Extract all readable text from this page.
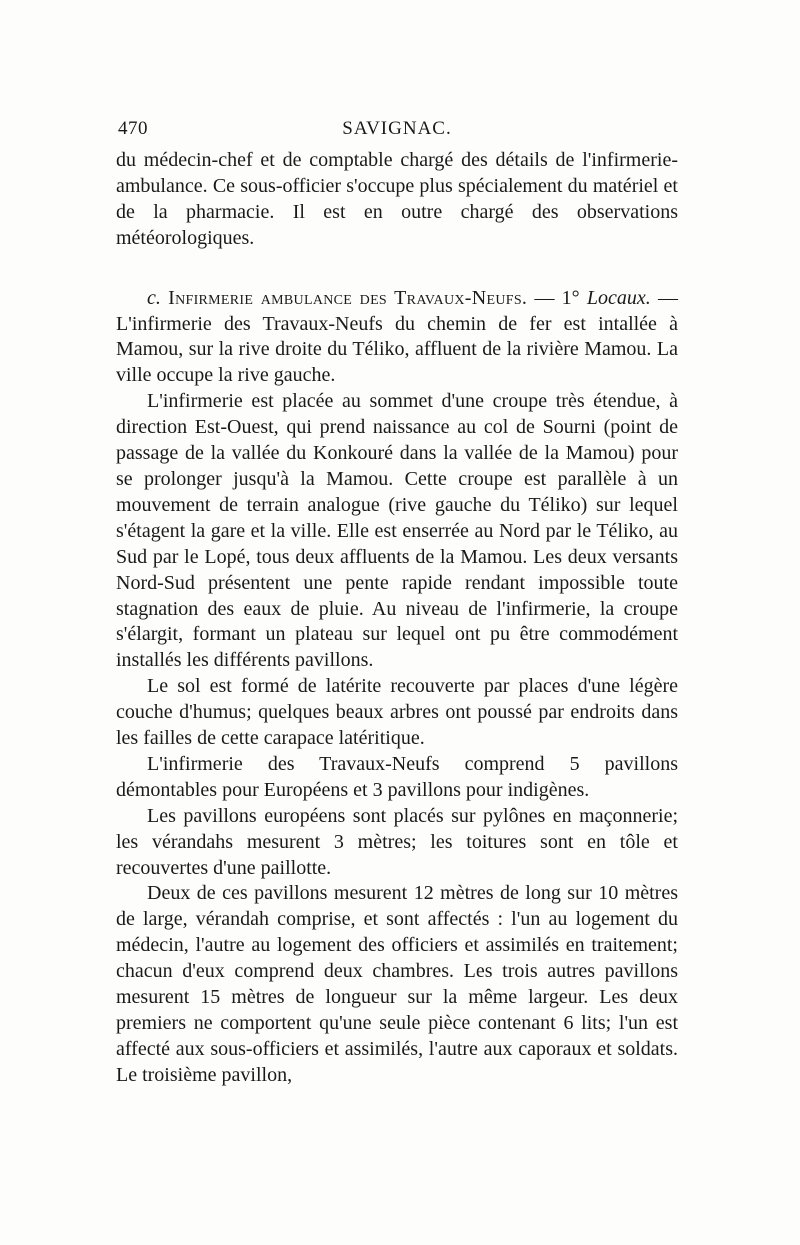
470	SAVIGNAC.

du médecin-chef et de comptable chargé des détails de l'infirmerie-ambulance. Ce sous-officier s'occupe plus spécialement du matériel et de la pharmacie. Il est en outre chargé des observations météorologiques.

c. Infirmerie ambulance des Travaux-Neufs. — 1° Locaux. — L'infirmerie des Travaux-Neufs du chemin de fer est intallée à Mamou, sur la rive droite du Téliko, affluent de la rivière Mamou. La ville occupe la rive gauche.

L'infirmerie est placée au sommet d'une croupe très étendue, à direction Est-Ouest, qui prend naissance au col de Sourni (point de passage de la vallée du Konkouré dans la vallée de la Mamou) pour se prolonger jusqu'à la Mamou. Cette croupe est parallèle à un mouvement de terrain analogue (rive gauche du Téliko) sur lequel s'étagent la gare et la ville. Elle est enserrée au Nord par le Téliko, au Sud par le Lopé, tous deux affluents de la Mamou. Les deux versants Nord-Sud présentent une pente rapide rendant impossible toute stagnation des eaux de pluie. Au niveau de l'infirmerie, la croupe s'élargit, formant un plateau sur lequel ont pu être commodément installés les différents pavillons.

Le sol est formé de latérite recouverte par places d'une légère couche d'humus; quelques beaux arbres ont poussé par endroits dans les failles de cette carapace latéritique.

L'infirmerie des Travaux-Neufs comprend 5 pavillons démontables pour Européens et 3 pavillons pour indigènes.

Les pavillons européens sont placés sur pylônes en maçonnerie; les vérandahs mesurent 3 mètres; les toitures sont en tôle et recouvertes d'une paillotte.

Deux de ces pavillons mesurent 12 mètres de long sur 10 mètres de large, vérandah comprise, et sont affectés : l'un au logement du médecin, l'autre au logement des officiers et assimilés en traitement; chacun d'eux comprend deux chambres. Les trois autres pavillons mesurent 15 mètres de longueur sur la même largeur. Les deux premiers ne comportent qu'une seule pièce contenant 6 lits; l'un est affecté aux sous-officiers et assimilés, l'autre aux caporaux et soldats. Le troisième pavillon,
